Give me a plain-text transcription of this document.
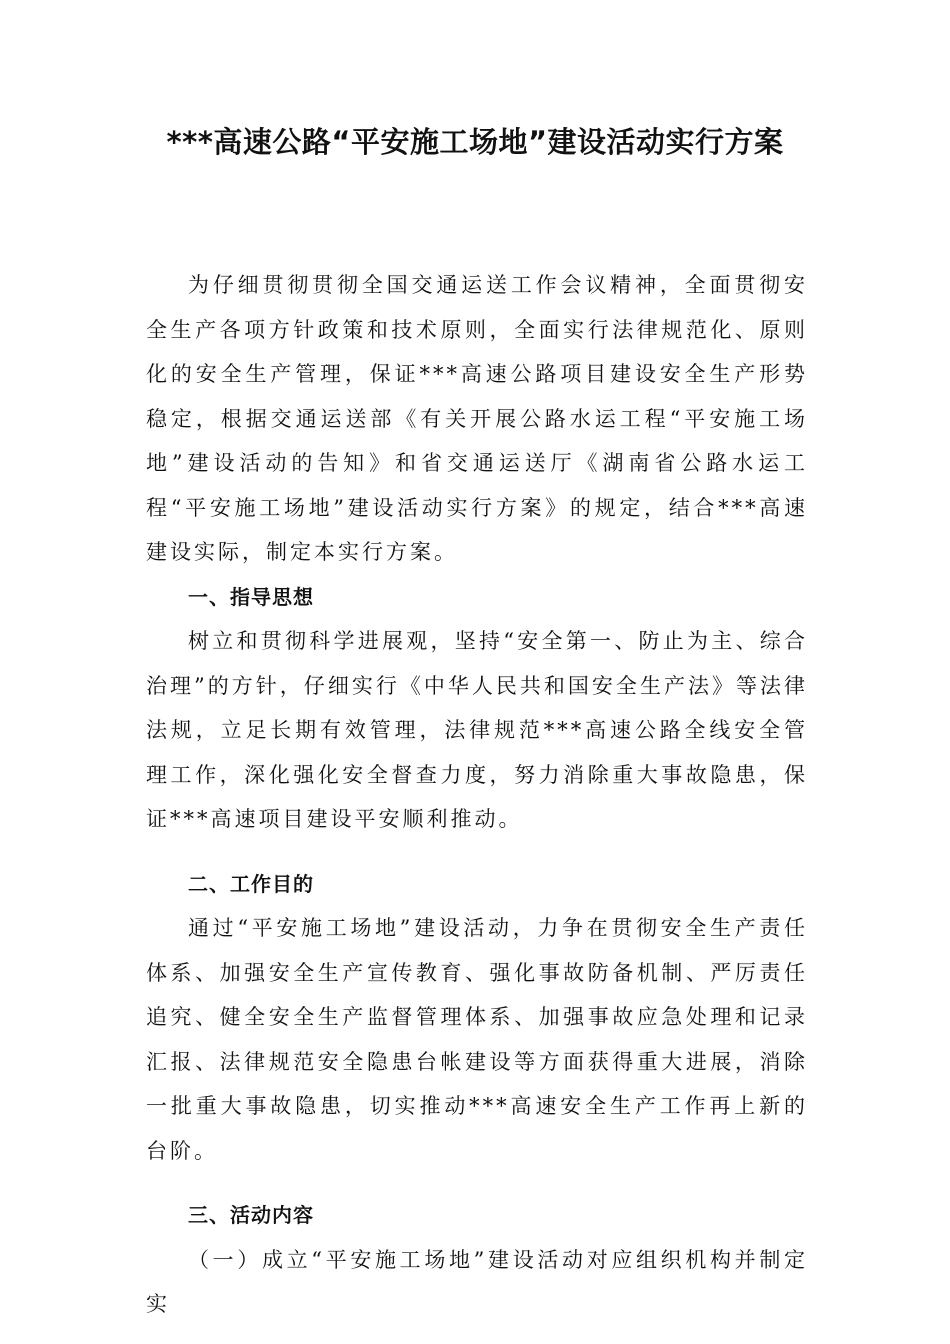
***高速公路“平安施工场地”建设活动实行方案

为仔细贯彻贯彻全国交通运送工作会议精神，全面贯彻安全生产各项方针政策和技术原则，全面实行法律规范化、原则化的安全生产管理，保证***高速公路项目建设安全生产形势稳定，根据交通运送部《有关开展公路水运工程“平安施工场地”建设活动的告知》和省交通运送厅《湖南省公路水运工程“平安施工场地”建设活动实行方案》的规定，结合***高速建设实际，制定本实行方案。

一、指导思想

树立和贯彻科学进展观，坚持“安全第一、防止为主、综合治理”的方针，仔细实行《中华人民共和国安全生产法》等法律法规，立足长期有效管理，法律规范***高速公路全线安全管理工作，深化强化安全督查力度，努力消除重大事故隐患，保证***高速项目建设平安顺利推动。

二、工作目的

通过“平安施工场地”建设活动，力争在贯彻安全生产责任体系、加强安全生产宣传教育、强化事故防备机制、严厉责任追究、健全安全生产监督管理体系、加强事故应急处理和记录汇报、法律规范安全隐患台帐建设等方面获得重大进展，消除一批重大事故隐患，切实推动***高速安全生产工作再上新的台阶。

三、活动内容

（一）成立“平安施工场地”建设活动对应组织机构并制定实
